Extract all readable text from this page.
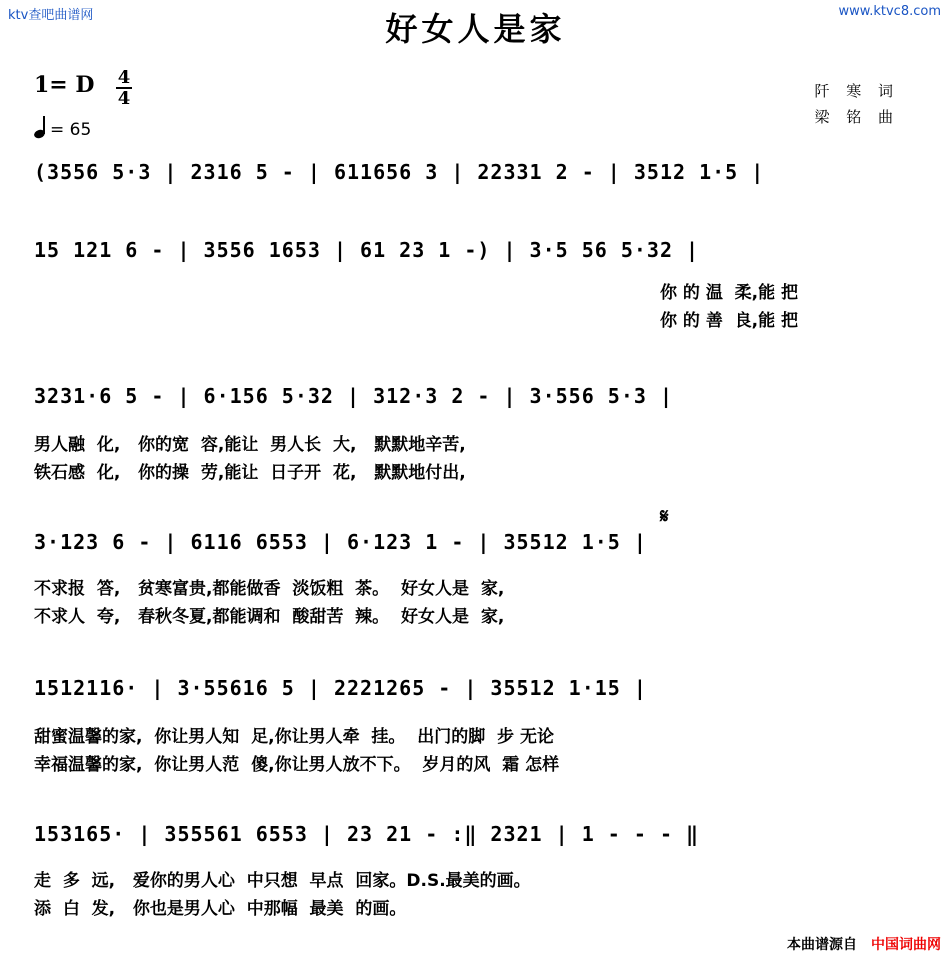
ktv查吧曲谱网	www.ktvc8.com
好女人是家
1= D $\frac{4}{4}$
= 65
阡 寒 词
梁 铭 曲
(3556 5·3 | 2316 5 - | 611656 3 | 22331 2 - | 3512 1·5 |
15 121 6 - | 3556 1653 | 61 23 1 -) | 3·5 56 5·32 |
你 的 温  柔,能 把
你 的 善  良,能 把
3231·6 5 - | 6·156 5·32 | 312·3 2 - | 3·556 5·3 |
男人融  化,   你的宽  容,能让  男人长  大,   默默地辛苦,
铁石感  化,   你的操  劳,能让  日子开  花,   默默地付出,
𝄋
3·123 6 - | 6116 6553 | 6·123 1 - | 35512 1·5 |
不求报  答,   贫寒富贵,都能做香  淡饭粗  茶。  好女人是  家,
不求人  夸,   春秋冬夏,都能调和  酸甜苦  辣。  好女人是  家,
1512116· | 3·55616 5 | 2221265 - | 35512 1·15 |
甜蜜温馨的家,  你让男人知  足,你让男人牵  挂。  出门的脚  步 无论
幸福温馨的家,  你让男人范  傻,你让男人放不下。  岁月的风  霜 怎样
153165· | 355561 6553 | 23 21 - :‖ 2321 | 1 - - - ‖
走  多  远,   爱你的男人心  中只想  早点  回家。D.S.最美的画。
添  白  发,   你也是男人心  中那幅  最美  的画。
本曲谱源自 中国词曲网
